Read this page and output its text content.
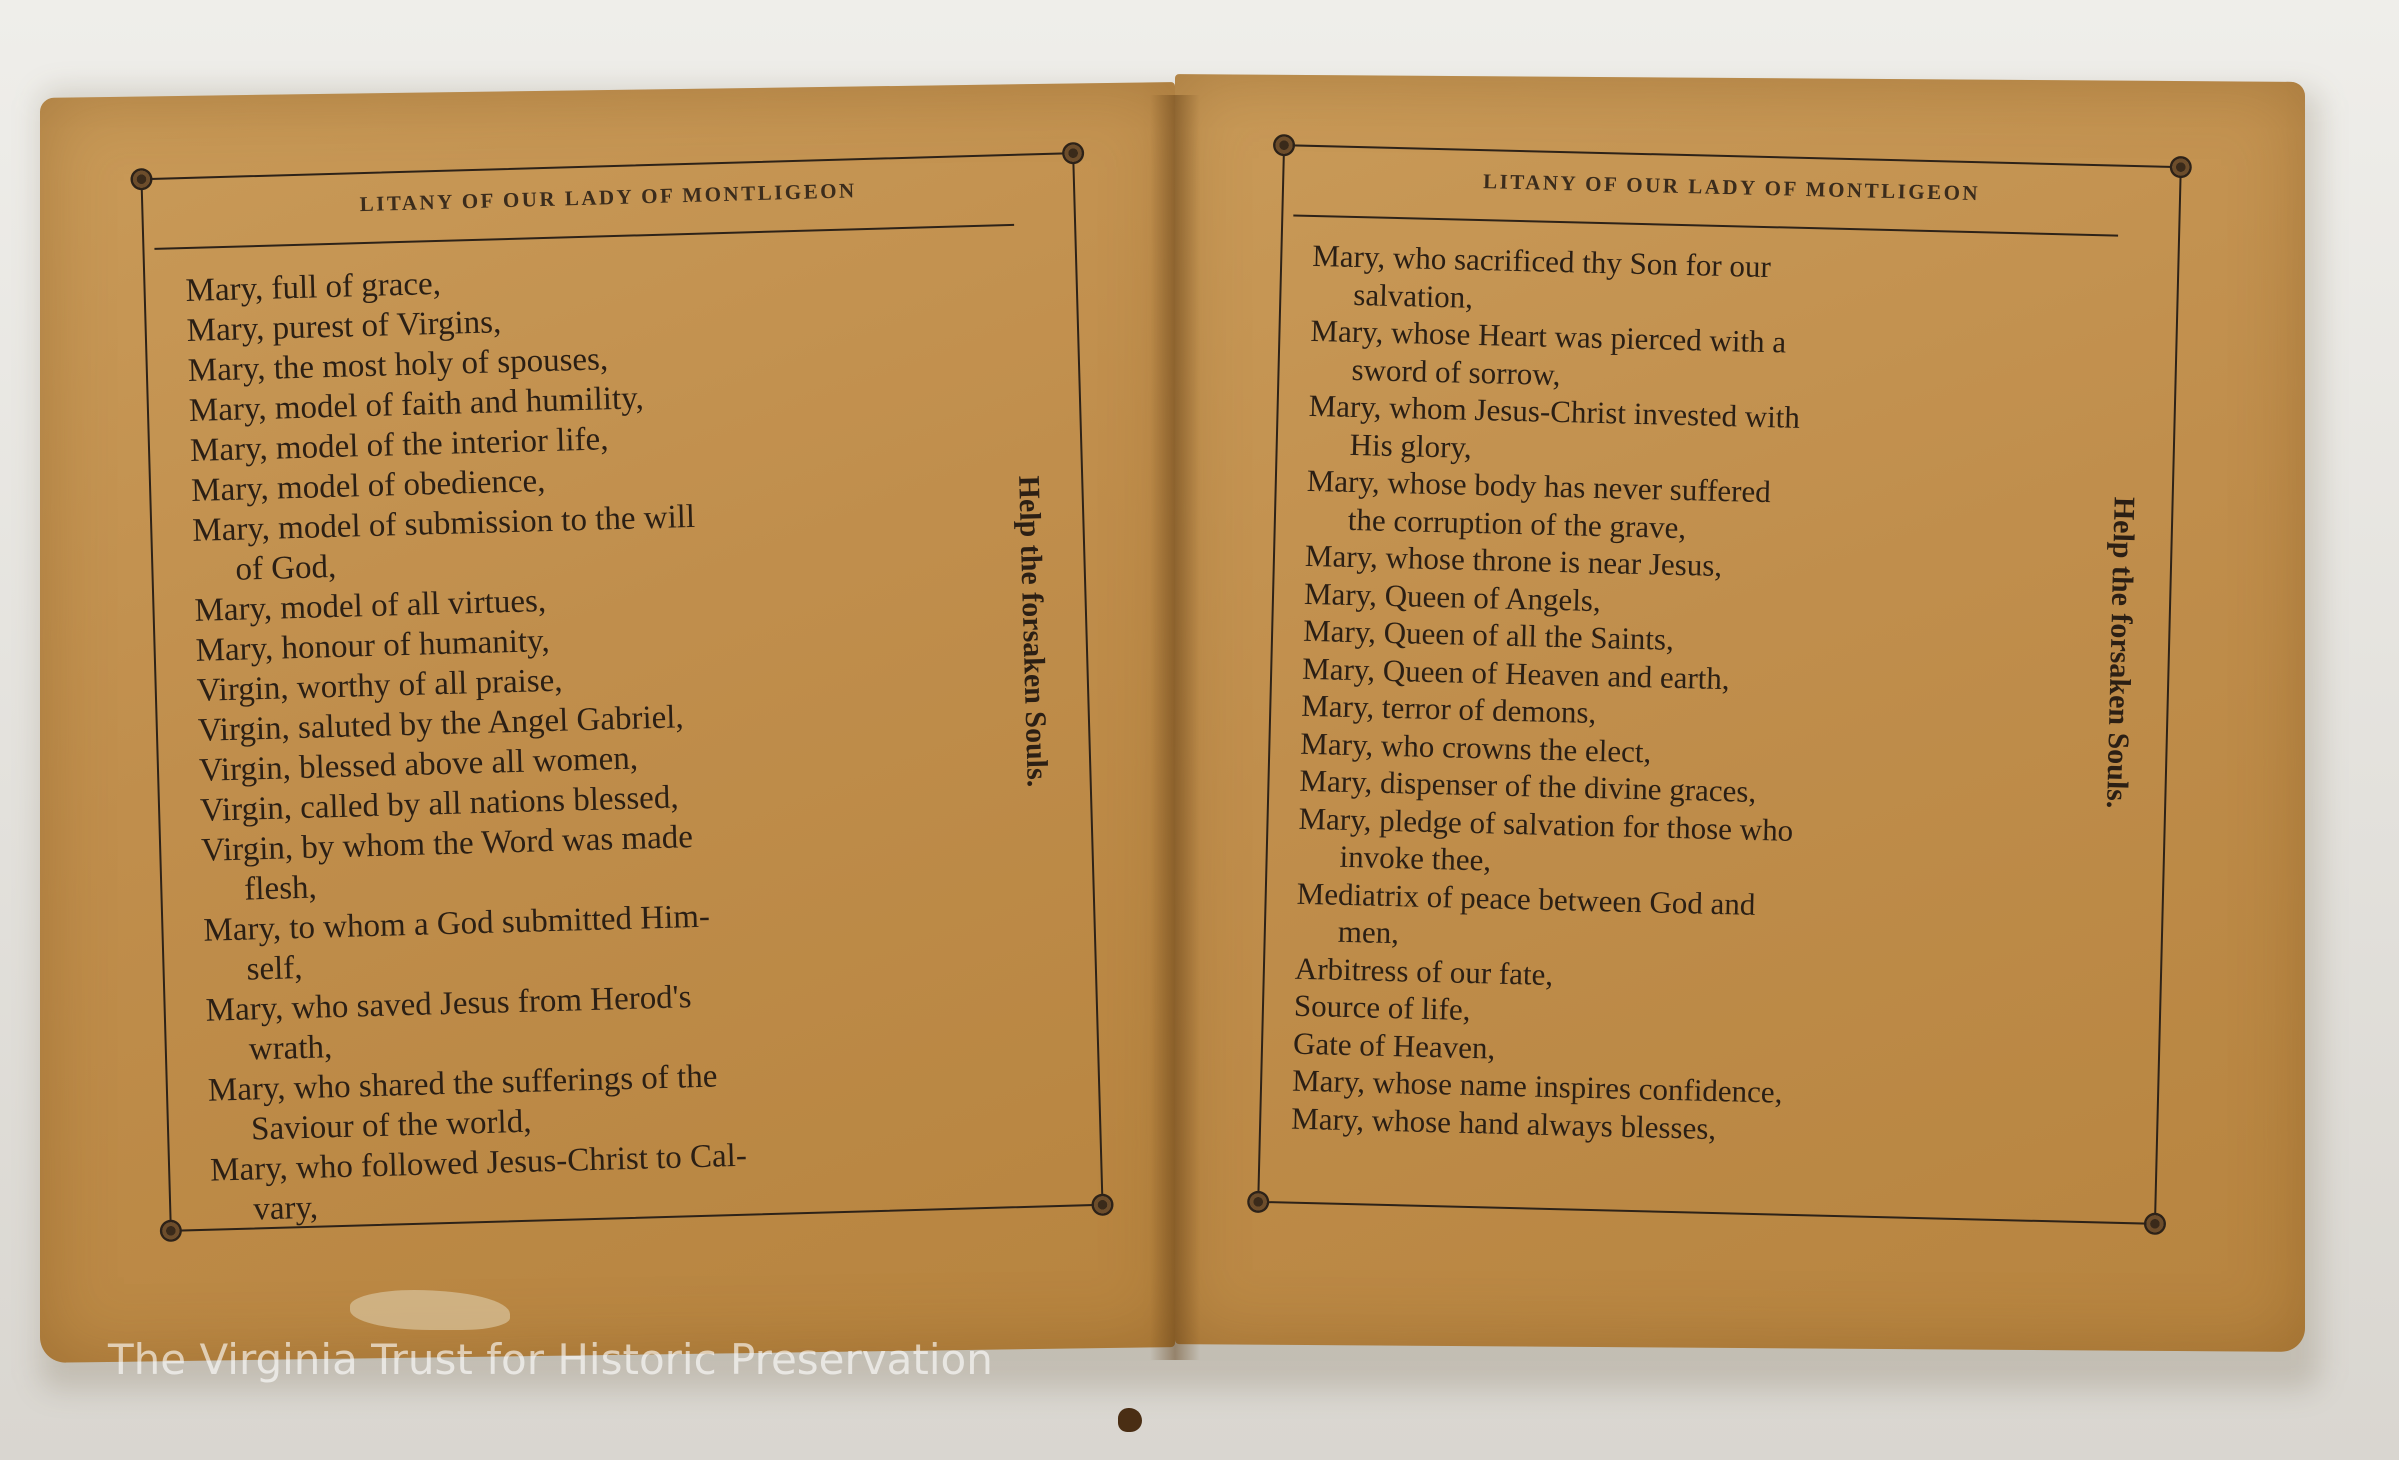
LITANY OF OUR LADY OF MONTLIGEON
Mary, full of grace,
Mary, purest of Virgins,
Mary, the most holy of spouses,
Mary, model of faith and humility,
Mary, model of the interior life,
Mary, model of obedience,
Mary, model of submission to the will
of God,
Mary, model of all virtues,
Mary, honour of humanity,
Virgin, worthy of all praise,
Virgin, saluted by the Angel Gabriel,
Virgin, blessed above all women,
Virgin, called by all nations blessed,
Virgin, by whom the Word was made
flesh,
Mary, to whom a God submitted Him-
self,
Mary, who saved Jesus from Herod's
wrath,
Mary, who shared the sufferings of the
Saviour of the world,
Mary, who followed Jesus-Christ to Cal-
vary,
Help the forsaken Souls.
LITANY OF OUR LADY OF MONTLIGEON
Mary, who sacrificed thy Son for our
salvation,
Mary, whose Heart was pierced with a
sword of sorrow,
Mary, whom Jesus-Christ invested with
His glory,
Mary, whose body has never suffered
the corruption of the grave,
Mary, whose throne is near Jesus,
Mary, Queen of Angels,
Mary, Queen of all the Saints,
Mary, Queen of Heaven and earth,
Mary, terror of demons,
Mary, who crowns the elect,
Mary, dispenser of the divine graces,
Mary, pledge of salvation for those who
invoke thee,
Mediatrix of peace between God and
men,
Arbitress of our fate,
Source of life,
Gate of Heaven,
Mary, whose name inspires confidence,
Mary, whose hand always blesses,
Help the forsaken Souls.
The Virginia Trust for Historic Preservation
